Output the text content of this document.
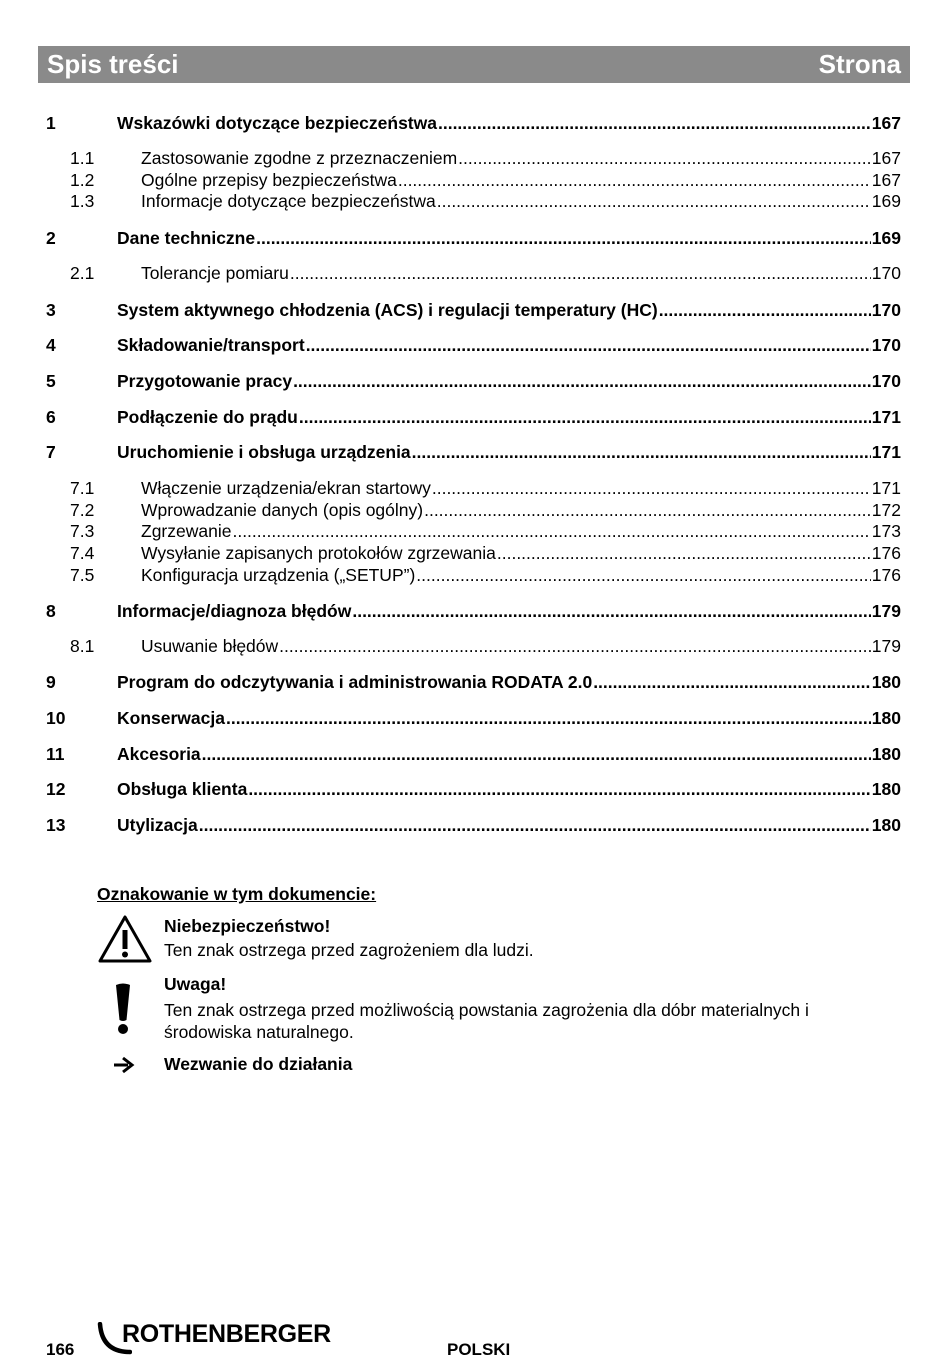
Spis treści	Strona
1	Wskazówki dotyczące bezpieczeństwa .....	167
1.1	Zastosowanie zgodne z przeznaczeniem .....	167
1.2	Ogólne przepisy bezpieczeństwa .....	167
1.3	Informacje dotyczące bezpieczeństwa .....	169
2	Dane techniczne .....	169
2.1	Tolerancje pomiaru .....	170
3	System aktywnego chłodzenia (ACS) i regulacji temperatury (HC) .....	170
4	Składowanie/transport .....	170
5	Przygotowanie pracy .....	170
6	Podłączenie do prądu .....	171
7	Uruchomienie i obsługa urządzenia .....	171
7.1	Włączenie urządzenia/ekran startowy .....	171
7.2	Wprowadzanie danych (opis ogólny) .....	172
7.3	Zgrzewanie .....	173
7.4	Wysyłanie zapisanych protokołów zgrzewania .....	176
7.5	Konfiguracja urządzenia („SETUP”) .....	176
8	Informacje/diagnoza błędów .....	179
8.1	Usuwanie błędów .....	179
9	Program do odczytywania i administrowania RODATA 2.0 .....	180
10	Konserwacja .....	180
11	Akcesoria .....	180
12	Obsługa klienta .....	180
13	Utylizacja .....	180
Oznakowanie w tym dokumencie:
Niebezpieczeństwo!
Ten znak ostrzega przed zagrożeniem dla ludzi.
Uwaga!
Ten znak ostrzega przed możliwością powstania zagrożenia dla dóbr materialnych i środowiska naturalnego.
Wezwanie do działania
166
ROTHENBERGER
POLSKI
